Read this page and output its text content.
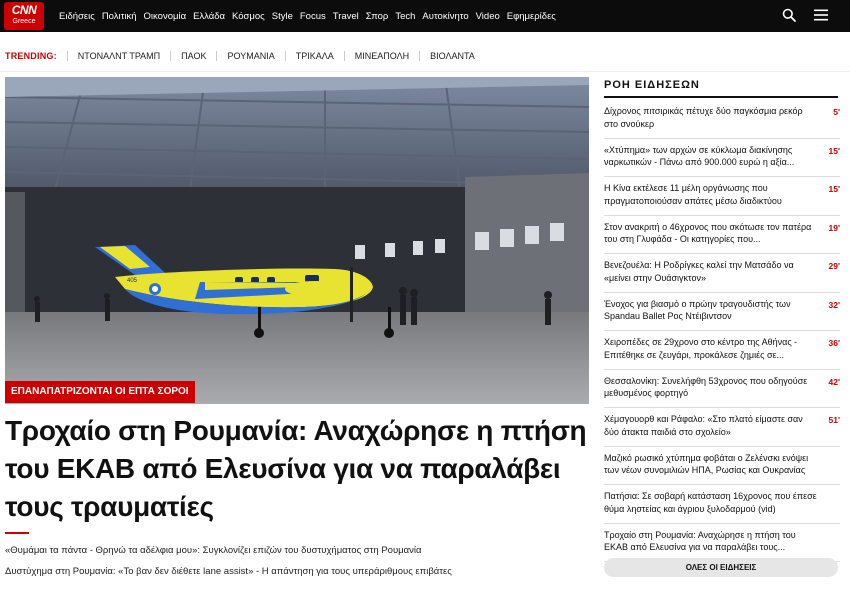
CNN
Greece	Ειδήσεις Πολιτική Οικονομία Ελλάδα Κόσμος Style Focus Travel Σπορ Tech Αυτοκίνητο Video Εφημερίδες
TRENDING:	ΝΤΟΝΑΛΝΤ ΤΡΑΜΠ	ΠΑΟΚ	ΡΟΥΜΑΝΙΑ	ΤΡΙΚΑΛΑ	ΜΙΝΕΑΠΟΛΗ	ΒΙΟΛΑΝΤΑ
405
ΕΠΑΝΑΠΑΤΡΙΖΟΝΤΑΙ ΟΙ ΕΠΤΑ ΣΟΡΟΙ
Τροχαίο στη Ρουμανία: Αναχώρησε η πτήση του ΕΚΑΒ από Ελευσίνα για να παραλάβει τους τραυματίες
«Θυμάμαι τα πάντα - Θρηνώ τα αδέλφια μου»: Συγκλονίζει επιζών του δυστυχήματος στη Ρουμανία
Δυστύχημα στη Ρουμανία: «Το βαν δεν διέθετε lane assist» - Η απάντηση για τους υπεράριθμους επιβάτες
ΡΟΗ ΕΙΔΗΣΕΩΝ
Δίχρονος πιτσιρικάς πέτυχε δύο παγκόσμια ρεκόρ στο σνούκερ
5'
«Χτύπημα» των αρχών σε κύκλωμα διακίνησης ναρκωτικών - Πάνω από 900.000 ευρώ η αξία...
15'
Η Κίνα εκτέλεσε 11 μέλη οργάνωσης που πραγματοποιούσαν απάτες μέσω διαδικτύου
15'
Στον ανακριτή ο 46χρονος που σκότωσε τον πατέρα του στη Γλυφάδα - Οι κατηγορίες που...
19'
Βενεζουέλα: Η Ροδρίγκες καλεί την Ματσάδο να «μείνει στην Ουάσιγκτον»
29'
Ένοχος για βιασμό ο πρώην τραγουδιστής των Spandau Ballet Ρος Ντέιβιντσον
32'
Χειροπέδες σε 29χρονο στο κέντρο της Αθήνας - Επιτέθηκε σε ζευγάρι, προκάλεσε ζημιές σε...
36'
Θεσσαλονίκη: Συνελήφθη 53χρονος που οδηγούσε μεθυσμένος φορτηγό
42'
Χέμσγουορθ και Ράφαλο: «Στο πλατό είμαστε σαν δύο άτακτα παιδιά στο σχολείο»
51'
Μαζικό ρωσικό χτύπημα φοβάται ο Ζελένσκι ενόψει των νέων συνομιλιών ΗΠΑ, Ρωσίας και Ουκρανίας
Πατήσια: Σε σοβαρή κατάσταση 16χρονος που έπεσε θύμα ληστείας και άγριου ξυλοδαρμού (vid)
Τροχαίο στη Ρουμανία: Αναχώρησε η πτήση του ΕΚΑΒ από Ελευσίνα για να παραλάβει τους...
ΟΛΕΣ ΟΙ ΕΙΔΗΣΕΙΣ
